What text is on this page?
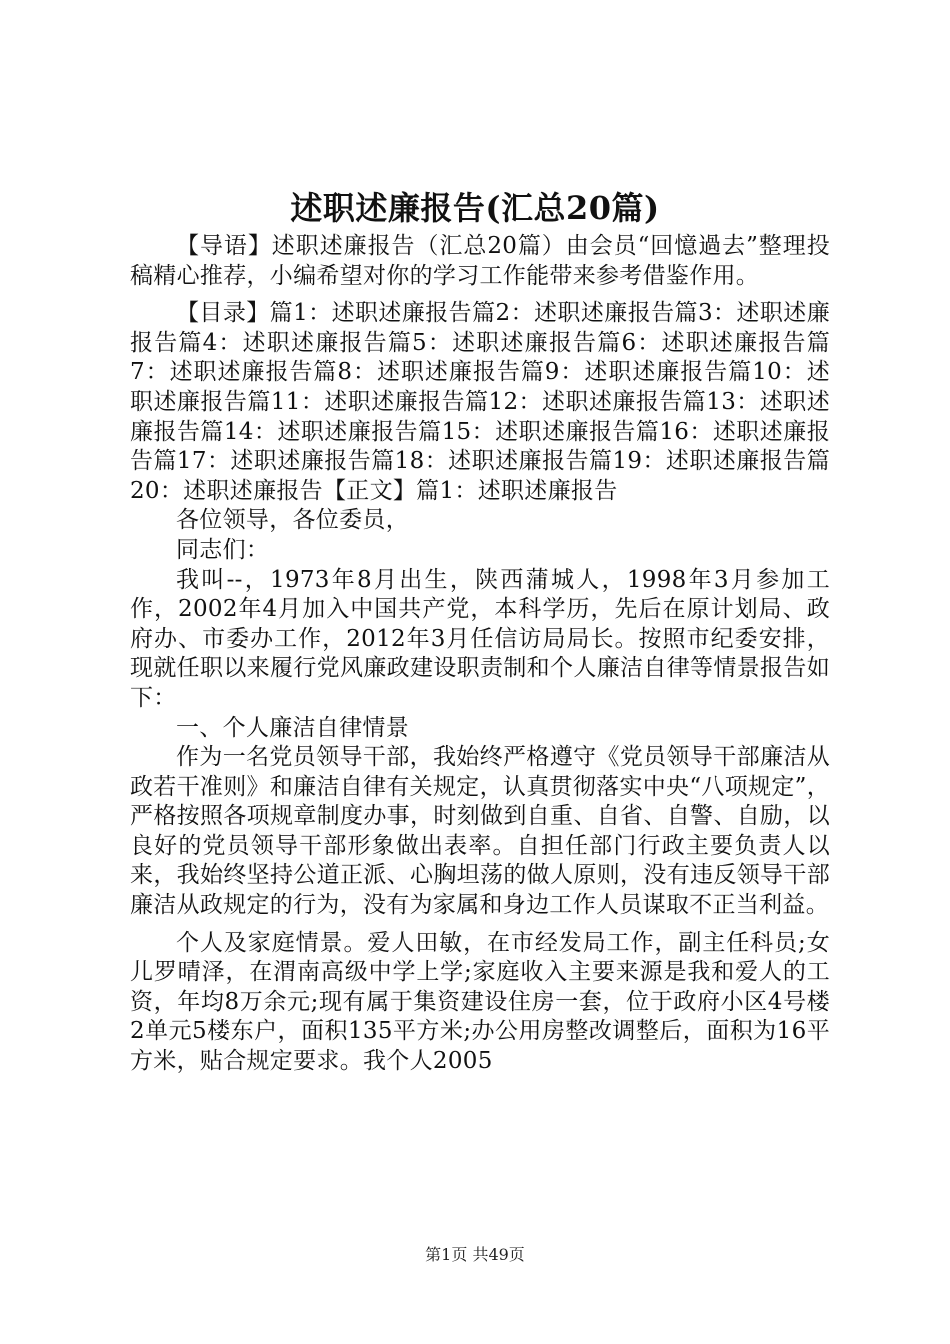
述职述廉报告(汇总20篇)

【导语】述职述廉报告（汇总20篇）由会员“回憶過去”整理投稿精心推荐，小编希望对你的学习工作能带来参考借鉴作用。

【目录】篇1：述职述廉报告篇2：述职述廉报告篇3：述职述廉报告篇4：述职述廉报告篇5：述职述廉报告篇6：述职述廉报告篇7：述职述廉报告篇8：述职述廉报告篇9：述职述廉报告篇10：述职述廉报告篇11：述职述廉报告篇12：述职述廉报告篇13：述职述廉报告篇14：述职述廉报告篇15：述职述廉报告篇16：述职述廉报告篇17：述职述廉报告篇18：述职述廉报告篇19：述职述廉报告篇20：述职述廉报告【正文】篇1：述职述廉报告

各位领导，各位委员，

同志们：

我叫--，1973年8月出生，陕西蒲城人，1998年3月参加工作，2002年4月加入中国共产党，本科学历，先后在原计划局、政府办、市委办工作，2012年3月任信访局局长。按照市纪委安排，现就任职以来履行党风廉政建设职责制和个人廉洁自律等情景报告如下：

一、个人廉洁自律情景

作为一名党员领导干部，我始终严格遵守《党员领导干部廉洁从政若干准则》和廉洁自律有关规定，认真贯彻落实中央“八项规定”，严格按照各项规章制度办事，时刻做到自重、自省、自警、自励，以良好的党员领导干部形象做出表率。自担任部门行政主要负责人以来，我始终坚持公道正派、心胸坦荡的做人原则，没有违反领导干部廉洁从政规定的行为，没有为家属和身边工作人员谋取不正当利益。

个人及家庭情景。爱人田敏，在市经发局工作，副主任科员;女儿罗晴泽，在渭南高级中学上学;家庭收入主要来源是我和爱人的工资，年均8万余元;现有属于集资建设住房一套，位于政府小区4号楼2单元5楼东户，面积135平方米;办公用房整改调整后，面积为16平方米，贴合规定要求。我个人2005

第1页 共49页
